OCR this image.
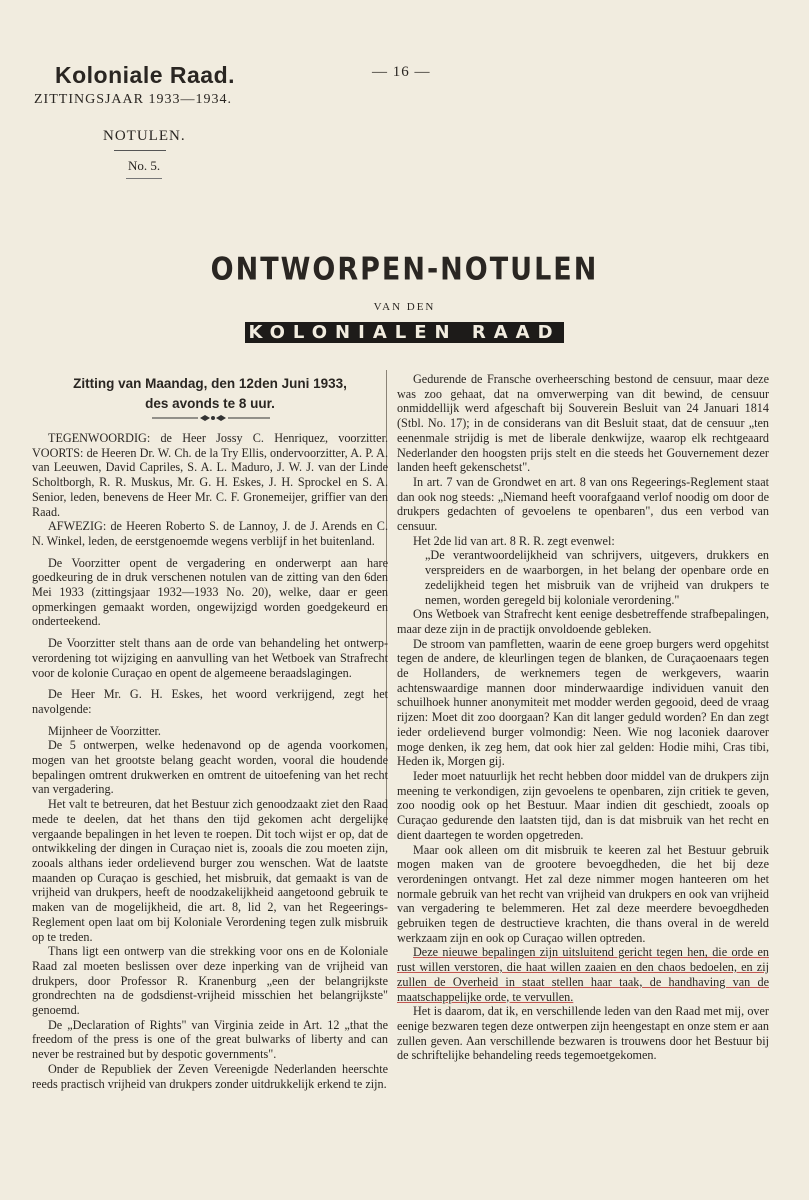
Koloniale Raad.
ZITTINGSJAAR 1933—1934.
— 16 —
NOTULEN.
No. 5.
ONTWORPEN-NOTULEN
VAN DEN
KOLONIALEN RAAD
Zitting van Maandag, den 12den Juni 1933,
des avonds te 8 uur.

TEGENWOORDIG: de Heer Jossy C. Henriquez, voorzitter. VOORTS: de Heeren Dr. W. Ch. de la Try Ellis, ondervoorzitter, A. P. A. van Leeuwen, David Capriles, S. A. L. Maduro, J. W. J. van der Linde Scholtborgh, R. R. Muskus, Mr. G. H. Eskes, J. H. Sprockel en S. A. Senior, leden, benevens de Heer Mr. C. F. Gronemeijer, griffier van den Raad.

AFWEZIG: de Heeren Roberto S. de Lannoy, J. de J. Arends en C. N. Winkel, leden, de eerstgenoemde wegens verblijf in het buitenland.

De Voorzitter opent de vergadering en onderwerpt aan hare goedkeuring de in druk verschenen notulen van de zitting van den 6den Mei 1933 (zittingsjaar 1932—1933 No. 20), welke, daar er geen opmerkingen gemaakt worden, ongewijzigd worden goedgekeurd en onderteekend.

De Voorzitter stelt thans aan de orde van behandeling het ontwerp-verordening tot wijziging en aanvulling van het Wetboek van Strafrecht voor de kolonie Curaçao en opent de algemeene beraadslagingen.

De Heer Mr. G. H. Eskes, het woord verkrijgend, zegt het navolgende:

Mijnheer de Voorzitter.

De 5 ontwerpen, welke hedenavond op de agenda voorkomen, mogen van het grootste belang geacht worden, vooral die houdende bepalingen omtrent drukwerken en omtrent de uitoefening van het recht van vergadering.

Het valt te betreuren, dat het Bestuur zich genoodzaakt ziet den Raad mede te deelen, dat het thans den tijd gekomen acht dergelijke vergaande bepalingen in het leven te roepen. Dit toch wijst er op, dat de ontwikkeling der dingen in Curaçao niet is, zooals die zou moeten zijn, zooals althans ieder ordelievend burger zou wenschen. Wat de laatste maanden op Curaçao is geschied, het misbruik, dat gemaakt is van de vrijheid van drukpers, heeft de noodzakelijkheid aangetoond gebruik te maken van de mogelijkheid, die art. 8, lid 2, van het Regeerings-Reglement open laat om bij Koloniale Verordening tegen zulk misbruik op te treden.

Thans ligt een ontwerp van die strekking voor ons en de Koloniale Raad zal moeten beslissen over deze inperking van de vrijheid van drukpers, door Professor R. Kranenburg „een der belangrijkste grondrechten na de godsdienst-vrijheid misschien het belangrijkste" genoemd.

De „Declaration of Rights" van Virginia zeide in Art. 12 „that the freedom of the press is one of the great bulwarks of liberty and can never be restrained but by despotic governments".

Onder de Republiek der Zeven Vereenigde Nederlanden heerschte reeds practisch vrijheid van drukpers zonder uitdrukkelijk erkend te zijn.

Gedurende de Fransche overheersching bestond de censuur, maar deze was zoo gehaat, dat na omverwerping van dit bewind, de censuur onmiddellijk werd afgeschaft bij Souverein Besluit van 24 Januari 1814 (Stbl. No. 17); in de considerans van dit Besluit staat, dat de censuur „ten eenenmale strijdig is met de liberale denkwijze, waarop elk rechtgeaard Nederlander den hoogsten prijs stelt en die steeds het Gouvernement dezer landen heeft gekenschetst".

In art. 7 van de Grondwet en art. 8 van ons Regeerings-Reglement staat dan ook nog steeds: „Niemand heeft voorafgaand verlof noodig om door de drukpers gedachten of gevoelens te openbaren", dus een verbod van censuur.

Het 2de lid van art. 8 R. R. zegt evenwel:

„De verantwoordelijkheid van schrijvers, uitgevers, drukkers en verspreiders en de waarborgen, in het belang der openbare orde en zedelijkheid tegen het misbruik van de vrijheid van drukpers te nemen, worden geregeld bij koloniale verordening."

Ons Wetboek van Strafrecht kent eenige desbetreffende strafbepalingen, maar deze zijn in de practijk onvoldoende gebleken.

De stroom van pamfletten, waarin de eene groep burgers werd opgehitst tegen de andere, de kleurlingen tegen de blanken, de Curaçaoenaars tegen de Hollanders, de werknemers tegen de werkgevers, waarin achtenswaardige mannen door minderwaardige individuen vanuit den schuilhoek hunner anonymiteit met modder werden gegooid, deed de vraag rijzen: Moet dit zoo doorgaan? Kan dit langer geduld worden? En dan zegt ieder ordelievend burger volmondig: Neen. Wie nog laconiek daarover moge denken, ik zeg hem, dat ook hier zal gelden: Hodie mihi, Cras tibi, Heden ik, Morgen gij.

Ieder moet natuurlijk het recht hebben door middel van de drukpers zijn meening te verkondigen, zijn gevoelens te openbaren, zijn critiek te geven, zoo noodig ook op het Bestuur. Maar indien dit geschiedt, zooals op Curaçao gedurende den laatsten tijd, dan is dat misbruik van het recht en dient daartegen te worden opgetreden.

Maar ook alleen om dit misbruik te keeren zal het Bestuur gebruik mogen maken van de grootere bevoegdheden, die het bij deze verordeningen ontvangt. Het zal deze nimmer mogen hanteeren om het normale gebruik van het recht van vrijheid van drukpers en ook van vrijheid van vergadering te belemmeren. Het zal deze meerdere bevoegdheden gebruiken tegen de destructieve krachten, die thans overal in de wereld werkzaam zijn en ook op Curaçao willen optreden.

Deze nieuwe bepalingen zijn uitsluitend gericht tegen hen, die orde en rust willen verstoren, die haat willen zaaien en den chaos bedoelen, en zij zullen de Overheid in staat stellen haar taak, de handhaving van de maatschappelijke orde, te vervullen.

Het is daarom, dat ik, en verschillende leden van den Raad met mij, over eenige bezwaren tegen deze ontwerpen zijn heengestapt en onze stem er aan zullen geven. Aan verschillende bezwaren is trouwens door het Bestuur bij de schriftelijke behandeling reeds tegemoetgekomen.
